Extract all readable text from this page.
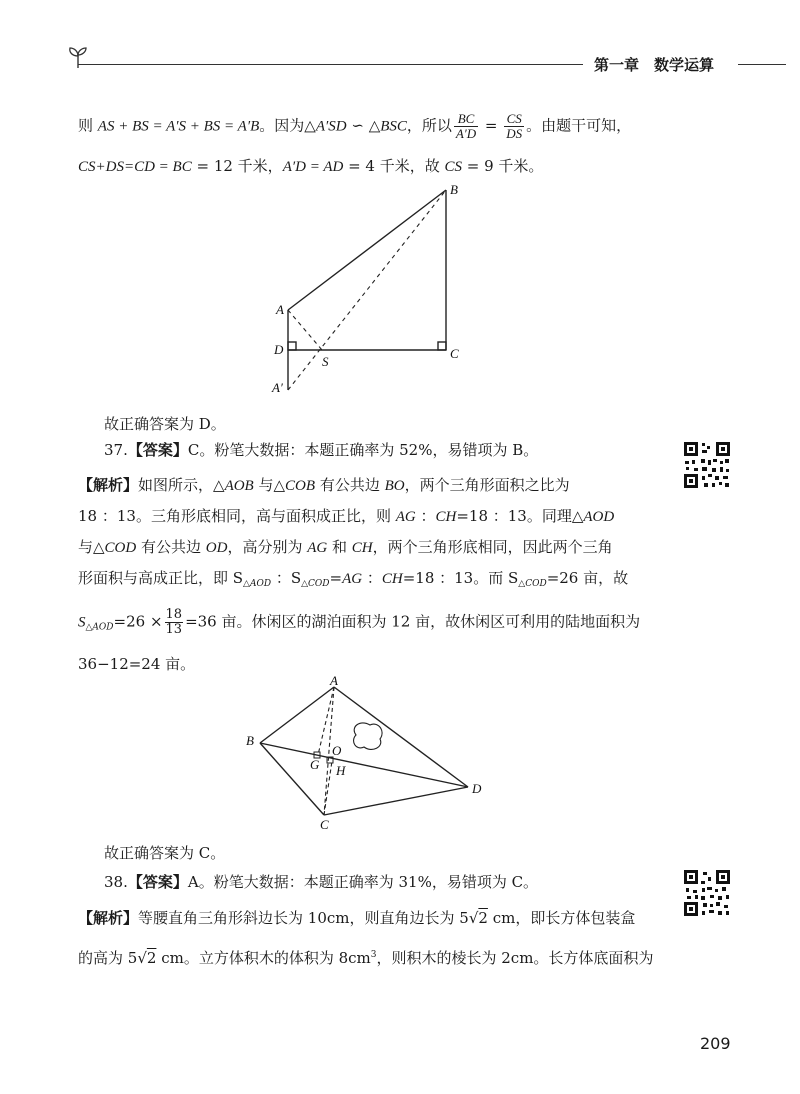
第一章　数学运算
则 AS + BS = A′S + BS = A′B。因为△A′SD ∽ △BSC，所以 $\frac{BC}{A'D} = \frac{CS}{DS}$ 。由题干可知，
CS+DS=CD = BC = 12 千米，A′D = AD = 4 千米，故 CS = 9 千米。
B
A
D
S
C
A′
故正确答案为 D。
37.【答案】C。粉笔大数据：本题正确率为 52%，易错项为 B。
【解析】如图所示，△AOB 与△COB 有公共边 BO，两个三角形面积之比为
18 ：13。三角形底相同，高与面积成正比，则 AG ：CH=18 ：13。同理△AOD
与△COD 有公共边 OD，高分别为 AG 和 CH，两个三角形底相同，因此两个三角
形面积与高成正比，即 $S_{\triangle AOD}$ ：$S_{\triangle COD}=AG$ ：CH=18 ：13。而 $S_{\triangle COD}=26$ 亩，故
$S_{\triangle AOD}=26 \times \frac{18}{13} =36$ 亩。休闲区的湖泊面积为 12 亩，故休闲区可利用的陆地面积为
36−12=24 亩。
A
B
O
G H
D
C
故正确答案为 C。
38.【答案】A。粉笔大数据：本题正确率为 31%，易错项为 C。
【解析】等腰直角三角形斜边长为 10cm，则直角边长为 5√2 cm，即长方体包装盒
的高为 5√2 cm。立方体积木的体积为 $8cm^3$，则积木的棱长为 2cm。长方体底面积为
209
